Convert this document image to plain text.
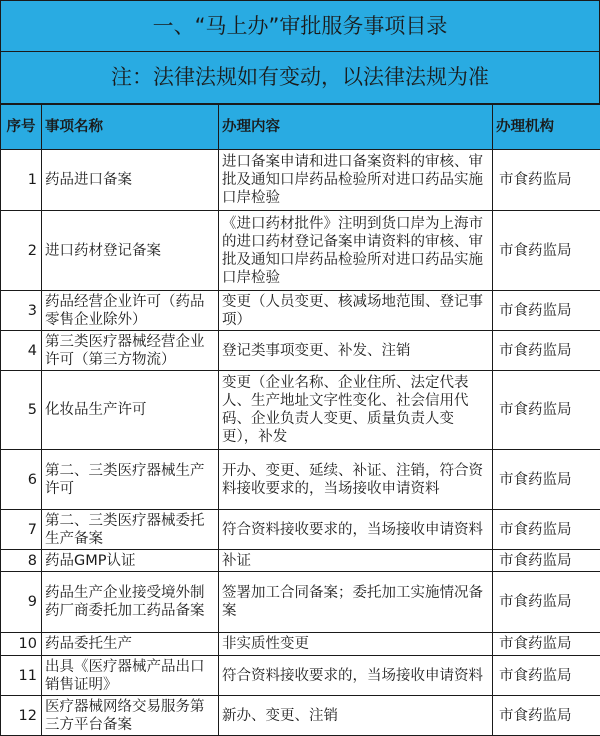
一、“马上办”审批服务事项目录
注：法律法规如有变动，以法律法规为准
序号	事项名称	办理内容	办理机构
1	药品进口备案	进口备案申请和进口备案资料的审核、审批及通知口岸药品检验所对进口药品实施口岸检验	市食药监局
2	进口药材登记备案	《进口药材批件》注明到货口岸为上海市的进口药材登记备案申请资料的审核、审批及通知口岸药品检验所对进口药品实施口岸检验	市食药监局
3	药品经营企业许可（药品零售企业除外）	变更（人员变更、核减场地范围、登记事项）	市食药监局
4	第三类医疗器械经营企业许可（第三方物流）	登记类事项变更、补发、注销	市食药监局
5	化妆品生产许可	变更（企业名称、企业住所、法定代表人、生产地址文字性变化、社会信用代码、企业负责人变更、质量负责人变更），补发	市食药监局
6	第二、三类医疗器械生产许可	开办、变更、延续、补证、注销，符合资料接收要求的，当场接收申请资料	市食药监局
7	第二、三类医疗器械委托生产备案	符合资料接收要求的，当场接收申请资料	市食药监局
8	药品GMP认证	补证	市食药监局
9	药品生产企业接受境外制药厂商委托加工药品备案	签署加工合同备案；委托加工实施情况备案	市食药监局
10	药品委托生产	非实质性变更	市食药监局
11	出具《医疗器械产品出口销售证明》	符合资料接收要求的，当场接收申请资料	市食药监局
12	医疗器械网络交易服务第三方平台备案	新办、变更、注销	市食药监局
